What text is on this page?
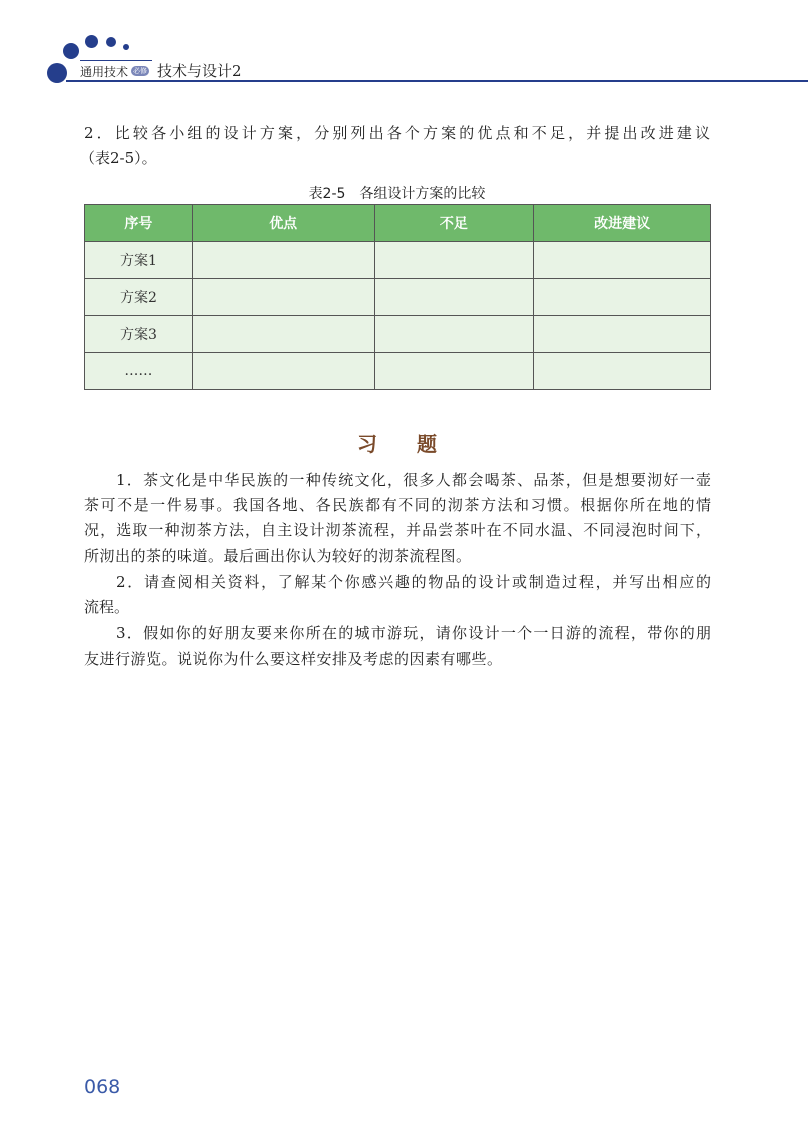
通用技术 必修 技术与设计2
2．比较各小组的设计方案，分别列出各个方案的优点和不足，并提出改进建议
（表2-5）。
表2-5　各组设计方案的比较
序号	优点	不足	改进建议
方案1			
方案2			
方案3			
……			
习　　题
1．茶文化是中华民族的一种传统文化，很多人都会喝茶、品茶，但是想要沏好一壶
茶可不是一件易事。我国各地、各民族都有不同的沏茶方法和习惯。根据你所在地的情
况，选取一种沏茶方法，自主设计沏茶流程，并品尝茶叶在不同水温、不同浸泡时间下，
所沏出的茶的味道。最后画出你认为较好的沏茶流程图。
2．请查阅相关资料，了解某个你感兴趣的物品的设计或制造过程，并写出相应的
流程。
3．假如你的好朋友要来你所在的城市游玩，请你设计一个一日游的流程，带你的朋
友进行游览。说说你为什么要这样安排及考虑的因素有哪些。
068
